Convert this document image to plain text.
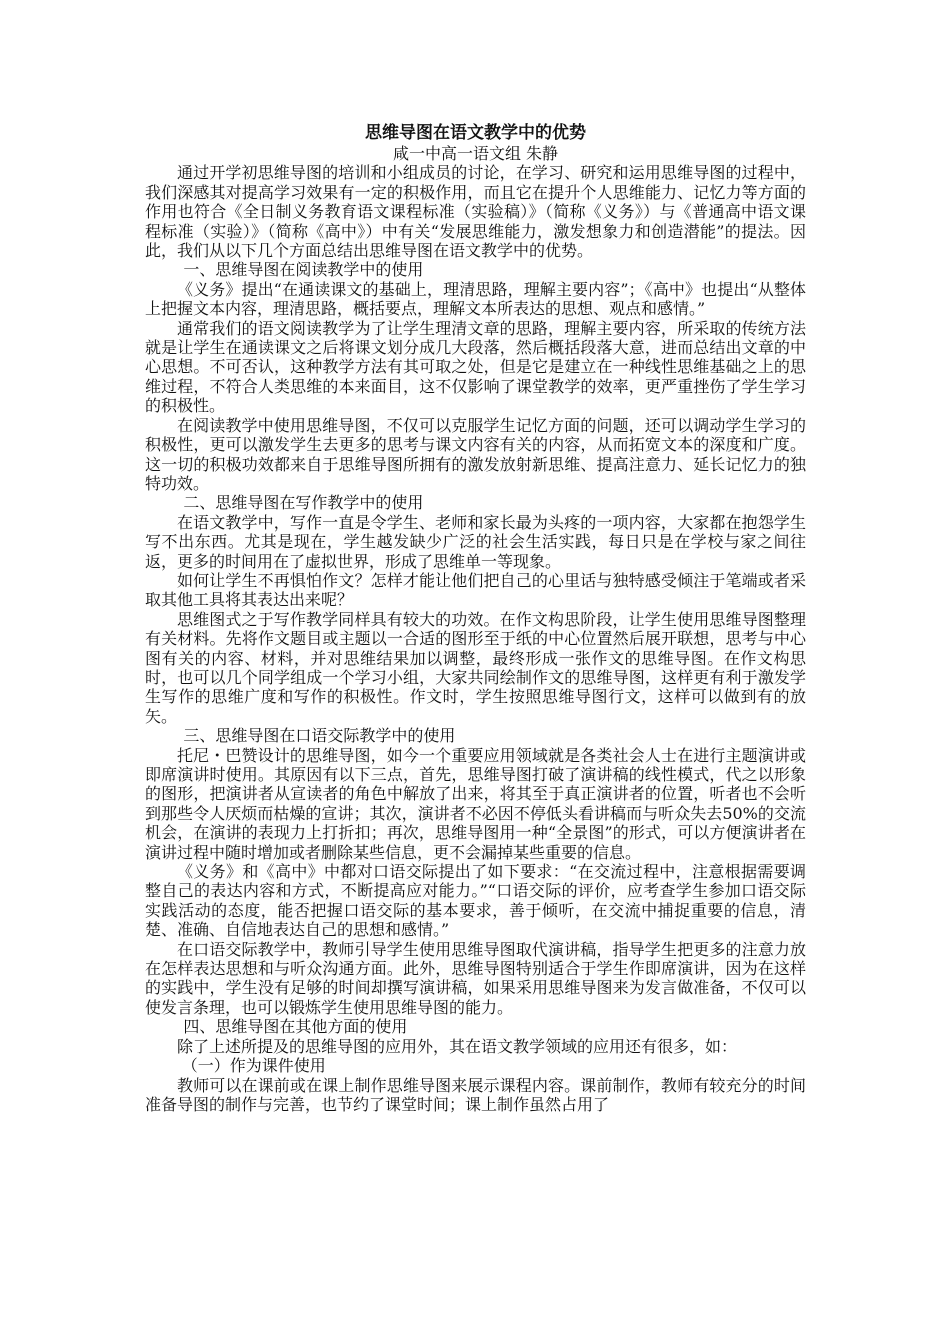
思维导图在语文教学中的优势
咸一中高一语文组 朱静

通过开学初思维导图的培训和小组成员的讨论，在学习、研究和运用思维导图的过程中，我们深感其对提高学习效果有一定的积极作用，而且它在提升个人思维能力、记忆力等方面的作用也符合《全日制义务教育语文课程标准（实验稿）》（简称《义务》）与《普通高中语文课程标准（实验）》（简称《高中》）中有关“发展思维能力，激发想象力和创造潜能”的提法。因此，我们从以下几个方面总结出思维导图在语文教学中的优势。

一、思维导图在阅读教学中的使用

《义务》提出“在通读课文的基础上，理清思路，理解主要内容”；《高中》也提出“从整体上把握文本内容，理清思路，概括要点，理解文本所表达的思想、观点和感情。”

通常我们的语文阅读教学为了让学生理清文章的思路，理解主要内容，所采取的传统方法就是让学生在通读课文之后将课文划分成几大段落，然后概括段落大意，进而总结出文章的中心思想。不可否认，这种教学方法有其可取之处，但是它是建立在一种线性思维基础之上的思维过程，不符合人类思维的本来面目，这不仅影响了课堂教学的效率，更严重挫伤了学生学习的积极性。

在阅读教学中使用思维导图，不仅可以克服学生记忆方面的问题，还可以调动学生学习的积极性，更可以激发学生去更多的思考与课文内容有关的内容，从而拓宽文本的深度和广度。这一切的积极功效都来自于思维导图所拥有的激发放射新思维、提高注意力、延长记忆力的独特功效。

二、思维导图在写作教学中的使用

在语文教学中，写作一直是令学生、老师和家长最为头疼的一项内容，大家都在抱怨学生写不出东西。尤其是现在，学生越发缺少广泛的社会生活实践，每日只是在学校与家之间往返，更多的时间用在了虚拟世界，形成了思维单一等现象。

如何让学生不再惧怕作文？怎样才能让他们把自己的心里话与独特感受倾注于笔端或者采取其他工具将其表达出来呢？

思维图式之于写作教学同样具有较大的功效。在作文构思阶段，让学生使用思维导图整理有关材料。先将作文题目或主题以一合适的图形至于纸的中心位置然后展开联想，思考与中心图有关的内容、材料，并对思维结果加以调整，最终形成一张作文的思维导图。在作文构思时，也可以几个同学组成一个学习小组，大家共同绘制作文的思维导图，这样更有利于激发学生写作的思维广度和写作的积极性。作文时，学生按照思维导图行文，这样可以做到有的放矢。

三、思维导图在口语交际教学中的使用

托尼・巴赞设计的思维导图，如今一个重要应用领域就是各类社会人士在进行主题演讲或即席演讲时使用。其原因有以下三点，首先，思维导图打破了演讲稿的线性模式，代之以形象的图形，把演讲者从宣读者的角色中解放了出来，将其至于真正演讲者的位置，听者也不会听到那些令人厌烦而枯燥的宣讲；其次，演讲者不必因不停低头看讲稿而与听众失去50%的交流机会，在演讲的表现力上打折扣；再次，思维导图用一种“全景图”的形式，可以方便演讲者在演讲过程中随时增加或者删除某些信息，更不会漏掉某些重要的信息。

《义务》和《高中》中都对口语交际提出了如下要求：“在交流过程中，注意根据需要调整自己的表达内容和方式，不断提高应对能力。”“口语交际的评价，应考查学生参加口语交际实践活动的态度，能否把握口语交际的基本要求，善于倾听，在交流中捕捉重要的信息，清楚、准确、自信地表达自己的思想和感情。”

在口语交际教学中，教师引导学生使用思维导图取代演讲稿，指导学生把更多的注意力放在怎样表达思想和与听众沟通方面。此外，思维导图特别适合于学生作即席演讲，因为在这样的实践中，学生没有足够的时间却撰写演讲稿，如果采用思维导图来为发言做准备，不仅可以使发言条理，也可以锻炼学生使用思维导图的能力。

四、思维导图在其他方面的使用

除了上述所提及的思维导图的应用外，其在语文教学领域的应用还有很多，如：

（一）作为课件使用

教师可以在课前或在课上制作思维导图来展示课程内容。课前制作，教师有较充分的时间准备导图的制作与完善，也节约了课堂时间；课上制作虽然占用了
